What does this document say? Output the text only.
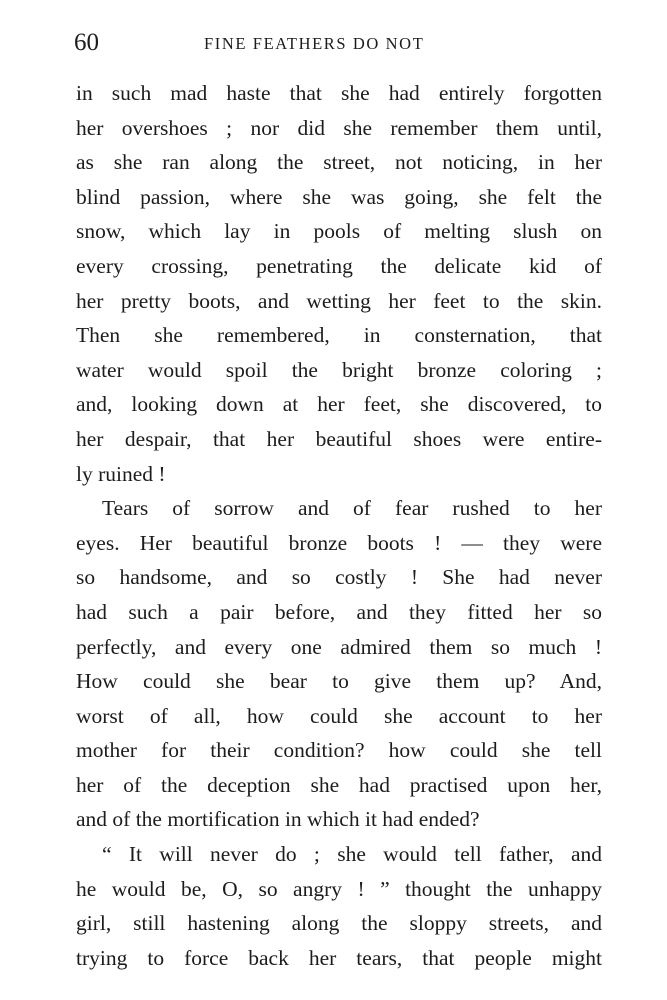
60	FINE FEATHERS DO NOT
in such mad haste that she had entirely forgotten
her overshoes ; nor did she remember them until,
as she ran along the street, not noticing, in her
blind passion, where she was going, she felt the
snow, which lay in pools of melting slush on
every crossing, penetrating the delicate kid of
her pretty boots, and wetting her feet to the skin.
Then she remembered, in consternation, that
water would spoil the bright bronze coloring ;
and, looking down at her feet, she discovered, to
her despair, that her beautiful shoes were entire-
ly ruined !
Tears of sorrow and of fear rushed to her
eyes. Her beautiful bronze boots ! — they were
so handsome, and so costly ! She had never
had such a pair before, and they fitted her so
perfectly, and every one admired them so much !
How could she bear to give them up? And,
worst of all, how could she account to her
mother for their condition? how could she tell
her of the deception she had practised upon her,
and of the mortification in which it had ended?
“ It will never do ; she would tell father, and
he would be, O, so angry ! ” thought the unhappy
girl, still hastening along the sloppy streets, and
trying to force back her tears, that people might
